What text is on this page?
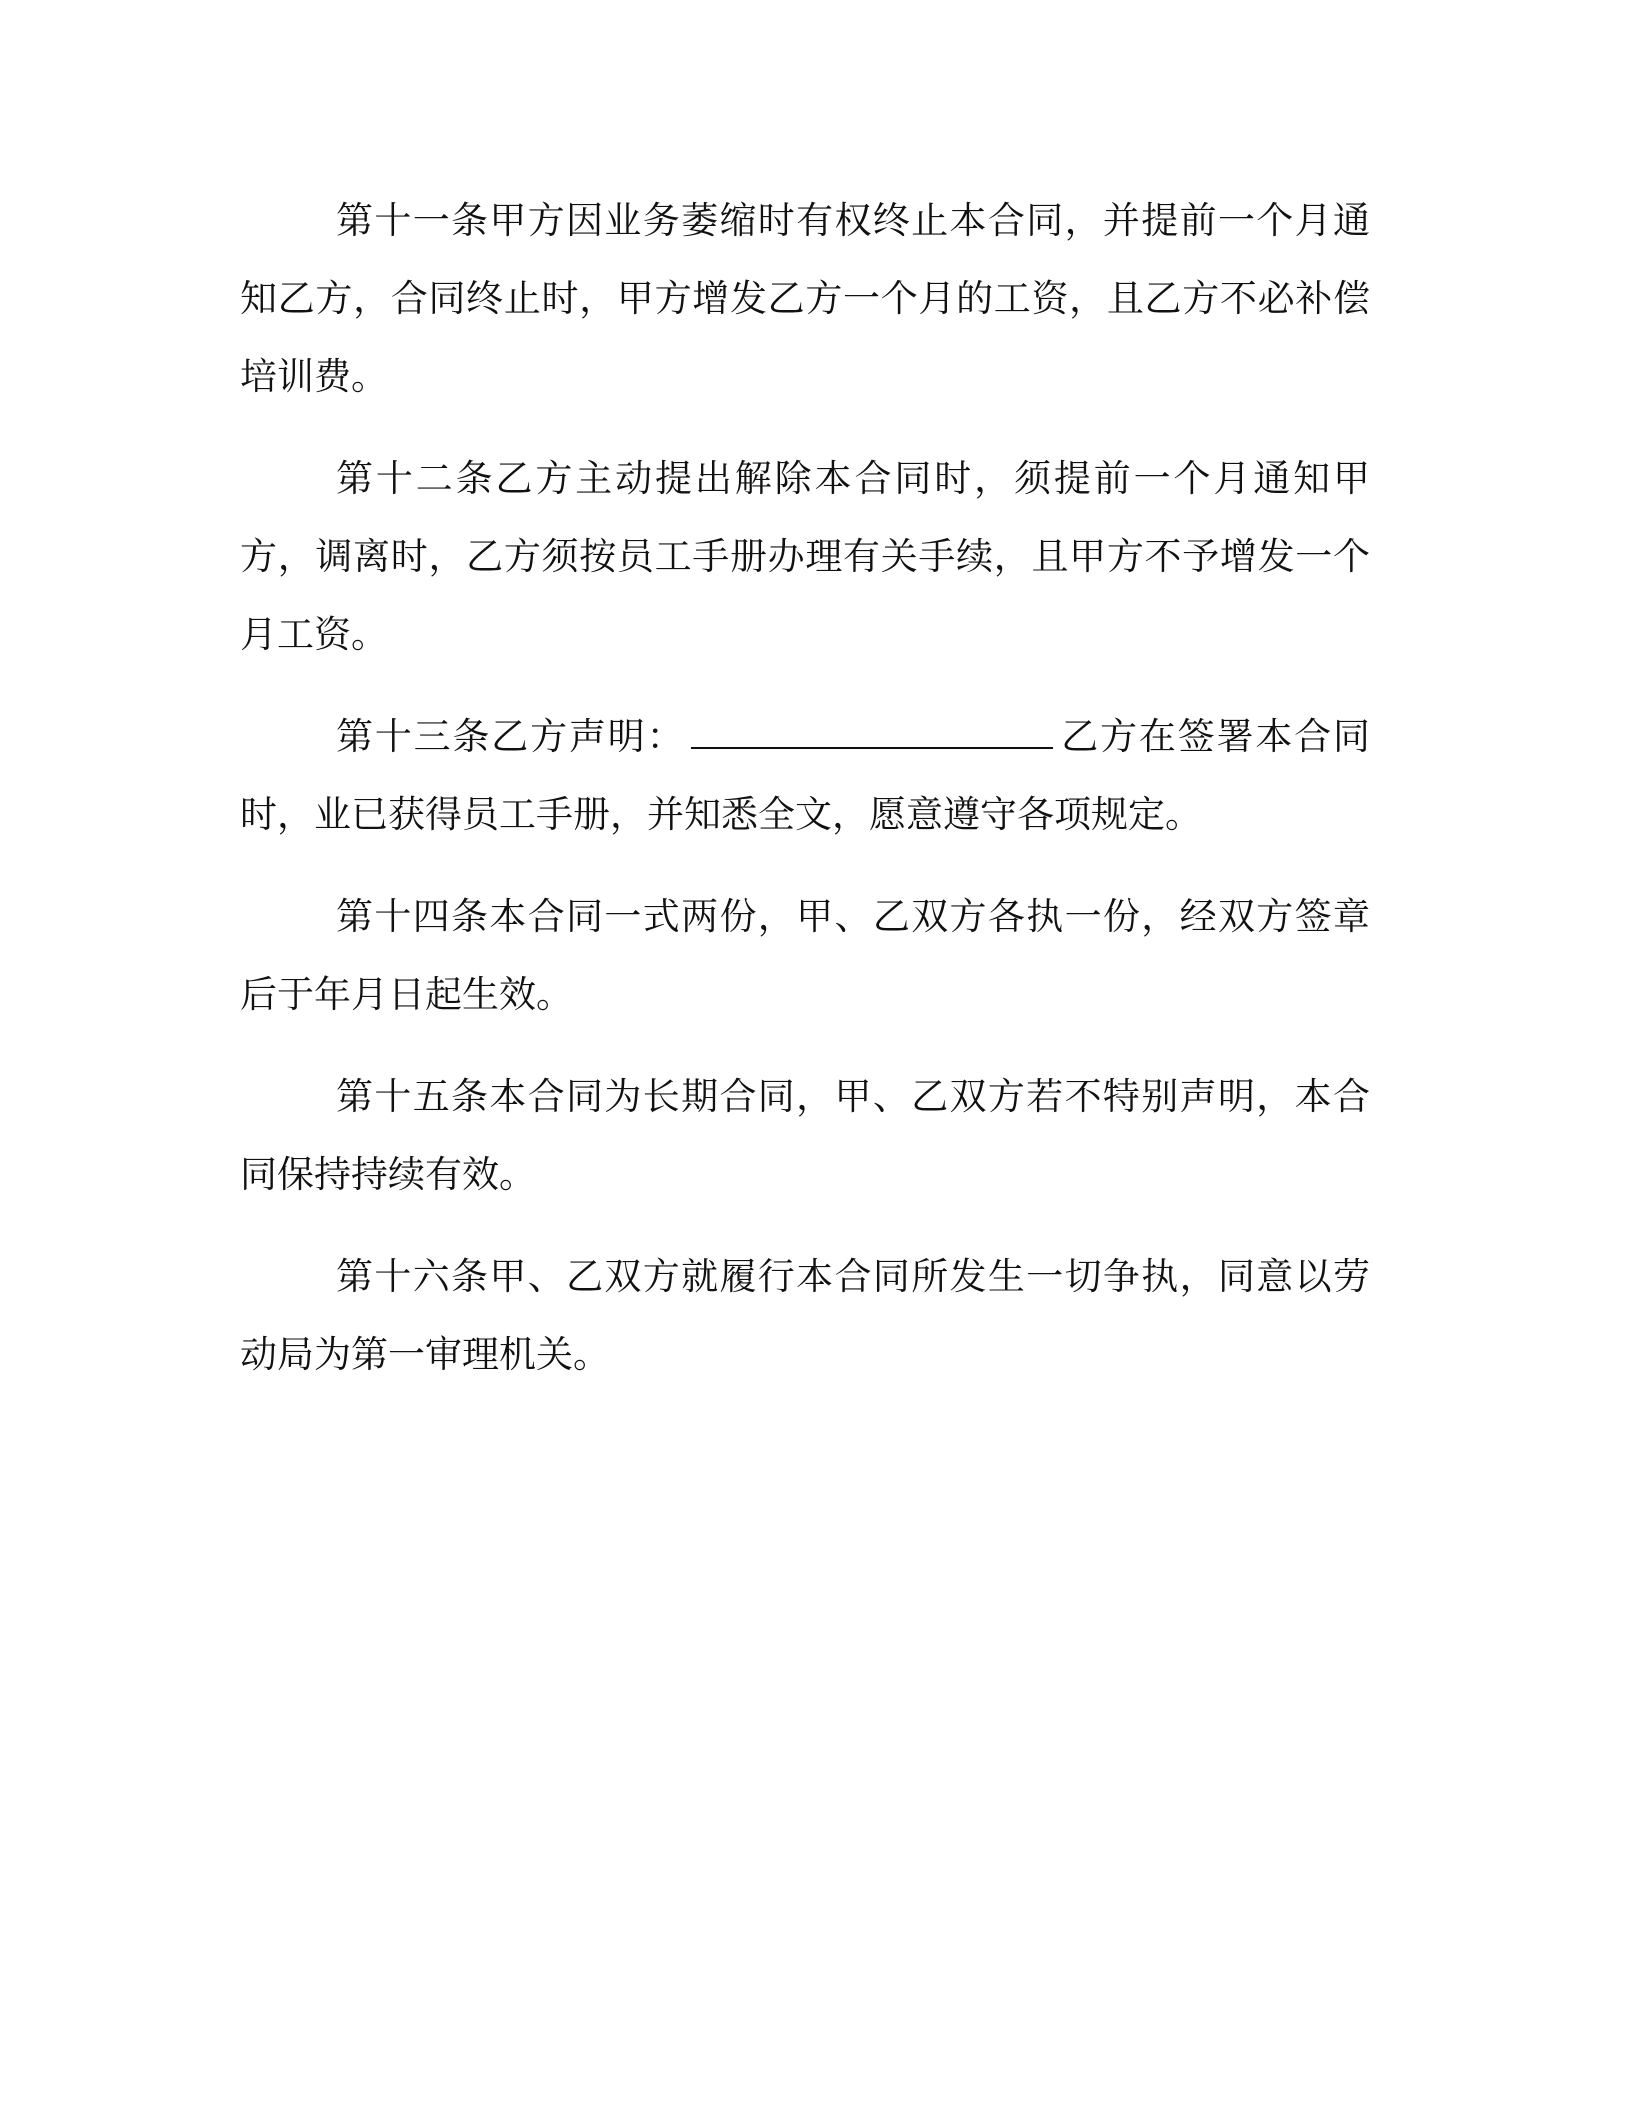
第十一条甲方因业务萎缩时有权终止本合同，并提前一个月通知乙方，合同终止时，甲方增发乙方一个月的工资，且乙方不必补偿培训费。

第十二条乙方主动提出解除本合同时，须提前一个月通知甲方，调离时，乙方须按员工手册办理有关手续，且甲方不予增发一个月工资。

第十三条乙方声明：	乙方在签署本合同时，业已获得员工手册，并知悉全文，愿意遵守各项规定。

第十四条本合同一式两份，甲、乙双方各执一份，经双方签章后于年月日起生效。

第十五条本合同为长期合同，甲、乙双方若不特别声明，本合同保持持续有效。

第十六条甲、乙双方就履行本合同所发生一切争执，同意以劳动局为第一审理机关。
